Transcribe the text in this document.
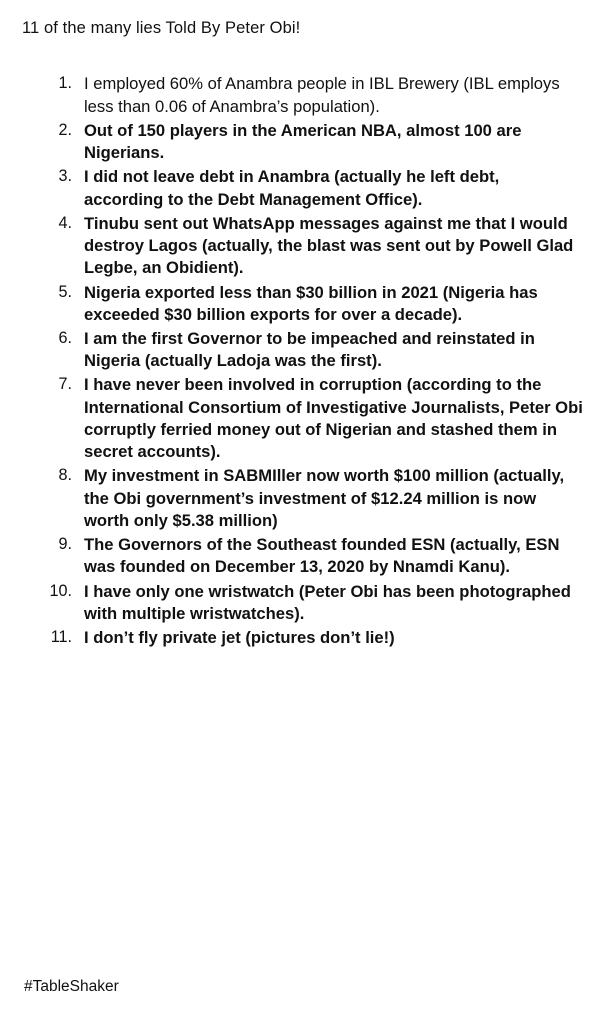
11 of the many lies Told By Peter Obi!
I employed 60% of Anambra people in IBL Brewery (IBL employs less than 0.06 of Anambra’s population).
Out of 150 players in the American NBA, almost 100 are Nigerians.
I did not leave debt in Anambra (actually he left debt, according to the Debt Management Office).
Tinubu sent out WhatsApp messages against me that I would destroy Lagos (actually, the blast was sent out by Powell Glad Legbe, an Obidient).
Nigeria exported less than $30 billion in 2021 (Nigeria has exceeded $30 billion exports for over a decade).
I am the first Governor to be impeached and reinstated in Nigeria (actually Ladoja was the first).
I have never been involved in corruption (according to the International Consortium of Investigative Journalists, Peter Obi corruptly ferried money out of Nigerian and stashed them in secret accounts).
My investment in SABMIller now worth $100 million (actually, the Obi government’s investment of $12.24 million is now worth only $5.38 million)
The Governors of the Southeast founded ESN (actually, ESN was founded on December 13, 2020 by Nnamdi Kanu).
I have only one wristwatch (Peter Obi has been photographed with multiple wristwatches).
I don’t fly private jet (pictures don’t lie!)
#TableShaker
